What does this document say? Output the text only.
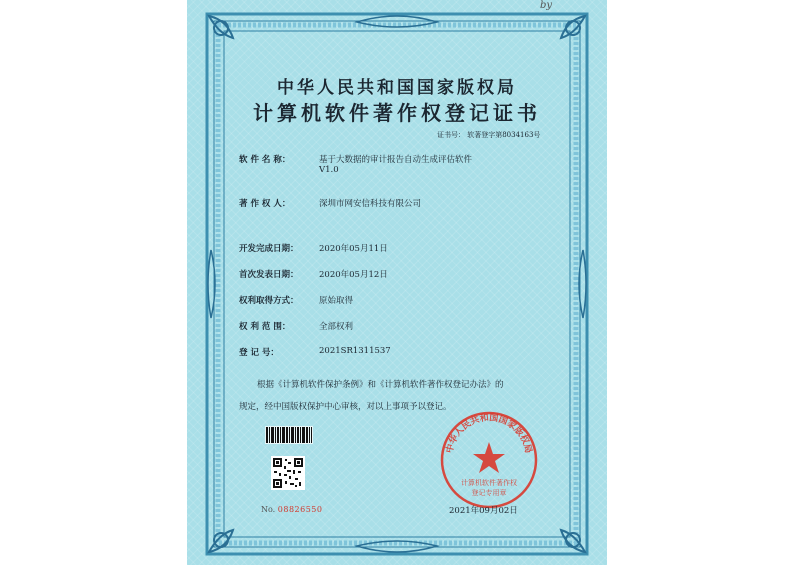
中华人民共和国国家版权局
计算机软件著作权登记证书
证书号： 软著登字第8034163号
软 件 名 称：	基于大数据的审计报告自动生成评估软件
V1.0
著 作 权 人：	深圳市网安信科技有限公司
开发完成日期： 2020年05月11日
首次发表日期： 2020年05月12日
权利取得方式： 原始取得
权 利 范 围：	全部权利
登 记 号：	2021SR1311537
根据《计算机软件保护条例》和《计算机软件著作权登记办法》的
规定，经中国版权保护中心审核，对以上事项予以登记。
No. 08826550
中华人民共和国国家版权局
计算机软件著作权
登记专用章
2021年09月02日
by
